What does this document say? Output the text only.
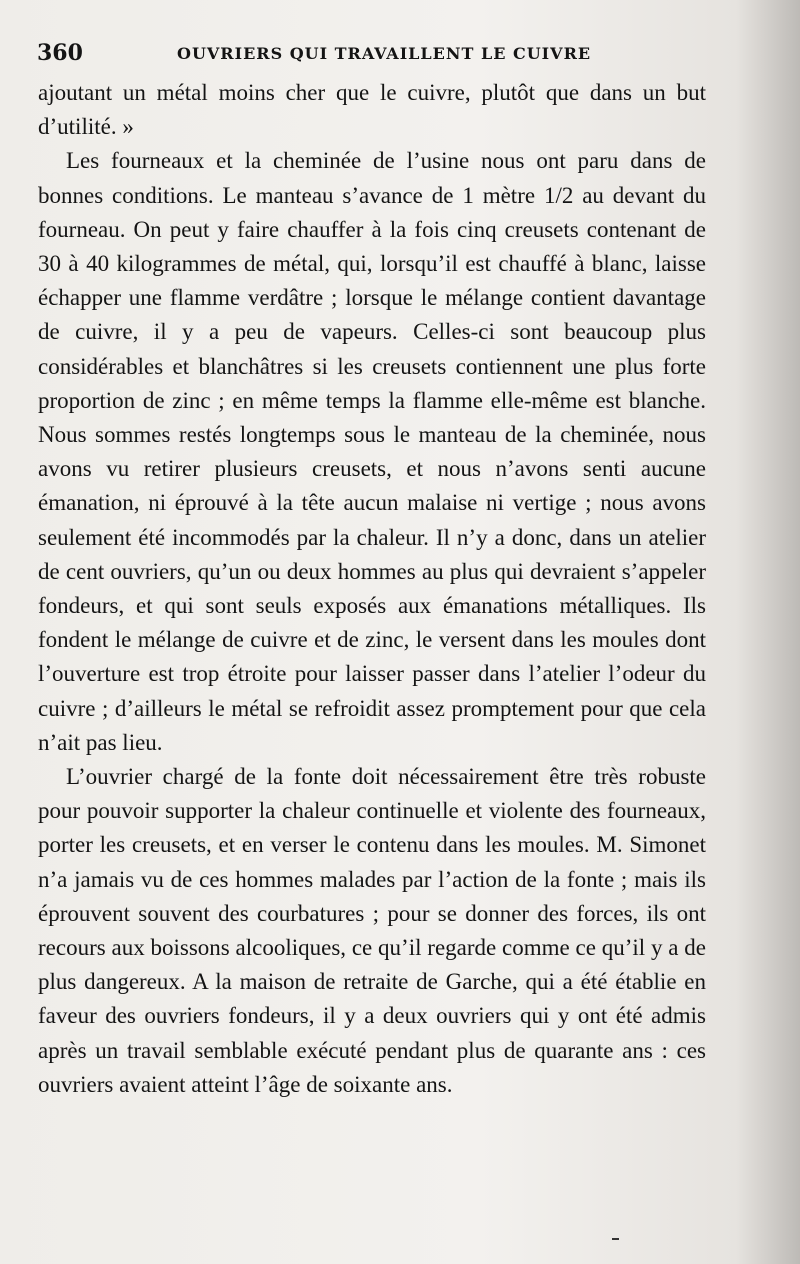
360	OUVRIERS QUI TRAVAILLENT LE CUIVRE

ajoutant un métal moins cher que le cuivre, plutôt que dans un but d’utilité. »

Les fourneaux et la cheminée de l’usine nous ont paru dans de bonnes conditions. Le manteau s’avance de 1 mètre 1/2 au devant du fourneau. On peut y faire chauffer à la fois cinq creusets contenant de 30 à 40 kilogrammes de métal, qui, lorsqu’il est chauffé à blanc, laisse échapper une flamme verdâtre ; lorsque le mélange contient davantage de cuivre, il y a peu de vapeurs. Celles-ci sont beaucoup plus considérables et blanchâtres si les creusets contiennent une plus forte proportion de zinc ; en même temps la flamme elle-même est blanche. Nous sommes restés longtemps sous le manteau de la cheminée, nous avons vu retirer plusieurs creusets, et nous n’avons senti aucune émanation, ni éprouvé à la tête aucun malaise ni vertige ; nous avons seulement été incommodés par la chaleur. Il n’y a donc, dans un atelier de cent ouvriers, qu’un ou deux hommes au plus qui devraient s’appeler fondeurs, et qui sont seuls exposés aux émanations métalliques. Ils fondent le mélange de cuivre et de zinc, le versent dans les moules dont l’ouverture est trop étroite pour laisser passer dans l’atelier l’odeur du cuivre ; d’ailleurs le métal se refroidit assez promptement pour que cela n’ait pas lieu.

L’ouvrier chargé de la fonte doit nécessairement être très robuste pour pouvoir supporter la chaleur continuelle et violente des fourneaux, porter les creusets, et en verser le contenu dans les moules. M. Simonet n’a jamais vu de ces hommes malades par l’action de la fonte ; mais ils éprouvent souvent des courbatures ; pour se donner des forces, ils ont recours aux boissons alcooliques, ce qu’il regarde comme ce qu’il y a de plus dangereux. A la maison de retraite de Garche, qui a été établie en faveur des ouvriers fondeurs, il y a deux ouvriers qui y ont été admis après un travail semblable exécuté pendant plus de quarante ans : ces ouvriers avaient atteint l’âge de soixante ans.
